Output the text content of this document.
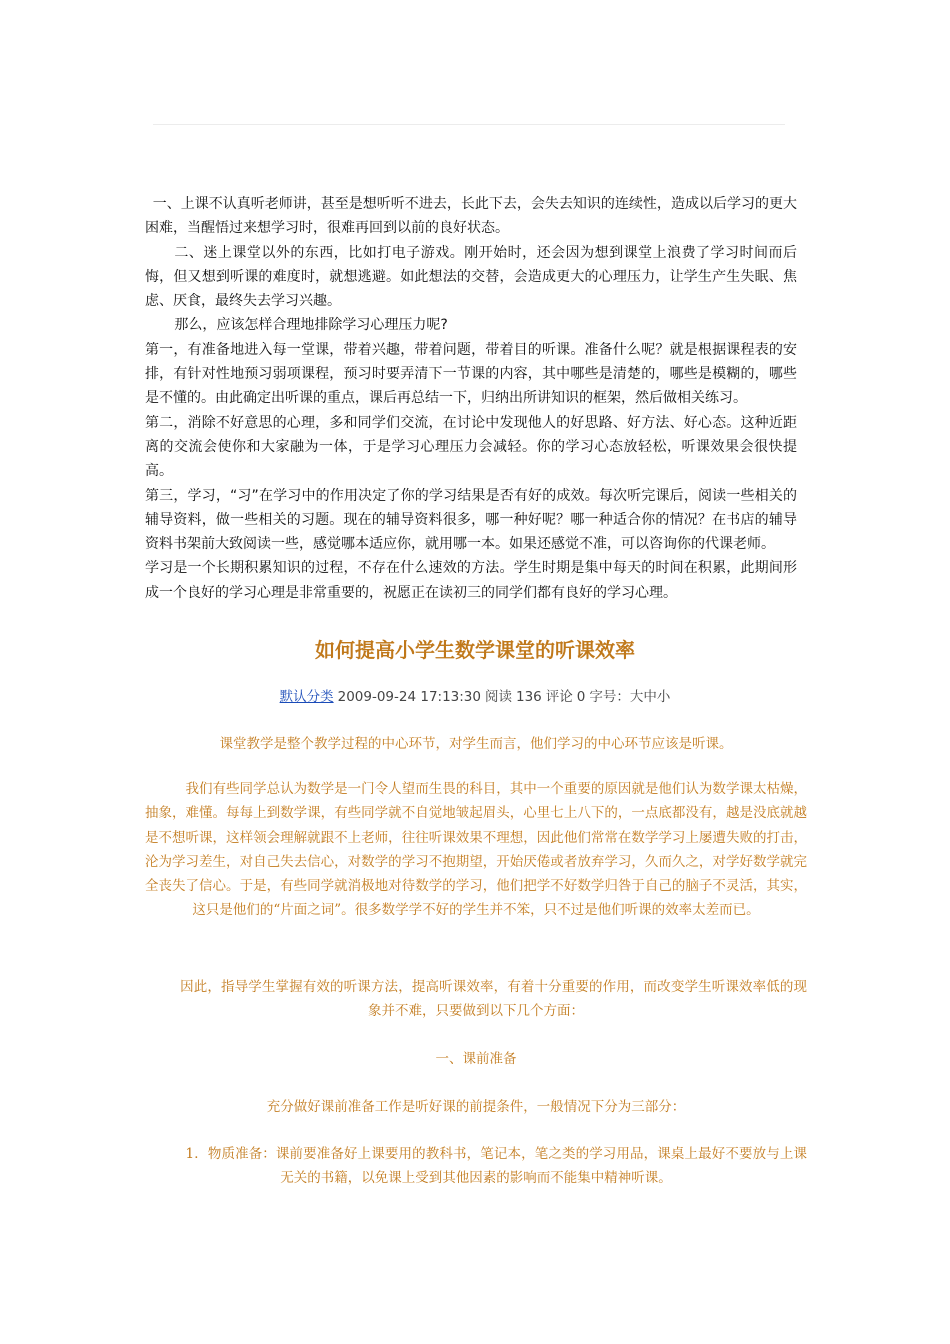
一、上课不认真听老师讲，甚至是想听听不进去，长此下去，会失去知识的连续性，造成以后学习的更大困难，当醒悟过来想学习时，很难再回到以前的良好状态。

二、迷上课堂以外的东西，比如打电子游戏。刚开始时，还会因为想到课堂上浪费了学习时间而后悔，但又想到听课的难度时，就想逃避。如此想法的交替，会造成更大的心理压力，让学生产生失眠、焦虑、厌食，最终失去学习兴趣。

那么，应该怎样合理地排除学习心理压力呢?

第一，有准备地进入每一堂课，带着兴趣，带着问题，带着目的听课。准备什么呢？就是根据课程表的安排，有针对性地预习弱项课程，预习时要弄清下一节课的内容，其中哪些是清楚的，哪些是模糊的，哪些是不懂的。由此确定出听课的重点，课后再总结一下，归纳出所讲知识的框架，然后做相关练习。

第二，消除不好意思的心理，多和同学们交流，在讨论中发现他人的好思路、好方法、好心态。这种近距离的交流会使你和大家融为一体，于是学习心理压力会减轻。你的学习心态放轻松，听课效果会很快提高。

第三，学习，“习”在学习中的作用决定了你的学习结果是否有好的成效。每次听完课后，阅读一些相关的辅导资料，做一些相关的习题。现在的辅导资料很多，哪一种好呢？哪一种适合你的情况？在书店的辅导资料书架前大致阅读一些，感觉哪本适应你，就用哪一本。如果还感觉不准，可以咨询你的代课老师。

学习是一个长期积累知识的过程，不存在什么速效的方法。学生时期是集中每天的时间在积累，此期间形成一个良好的学习心理是非常重要的，祝愿正在读初三的同学们都有良好的学习心理。

如何提高小学生数学课堂的听课效率
默认分类 2009-09-24 17:13:30 阅读 136 评论 0 字号：大中小

课堂教学是整个教学过程的中心环节，对学生而言，他们学习的中心环节应该是听课。

我们有些同学总认为数学是一门令人望而生畏的科目，其中一个重要的原因就是他们认为数学课太枯燥，抽象，难懂。每每上到数学课，有些同学就不自觉地皱起眉头，心里七上八下的，一点底都没有，越是没底就越是不想听课，这样领会理解就跟不上老师，往往听课效果不理想，因此他们常常在数学学习上屡遭失败的打击，沦为学习差生，对自己失去信心，对数学的学习不抱期望，开始厌倦或者放弃学习，久而久之，对学好数学就完全丧失了信心。于是，有些同学就消极地对待数学的学习，他们把学不好数学归咎于自己的脑子不灵活，其实，这只是他们的“片面之词”。很多数学学不好的学生并不笨，只不过是他们听课的效率太差而已。

因此，指导学生掌握有效的听课方法，提高听课效率，有着十分重要的作用，而改变学生听课效率低的现象并不难，只要做到以下几个方面：

一、课前准备

充分做好课前准备工作是听好课的前提条件，一般情况下分为三部分：

1．物质准备：课前要准备好上课要用的教科书，笔记本，笔之类的学习用品，课桌上最好不要放与上课无关的书籍，以免课上受到其他因素的影响而不能集中精神听课。
